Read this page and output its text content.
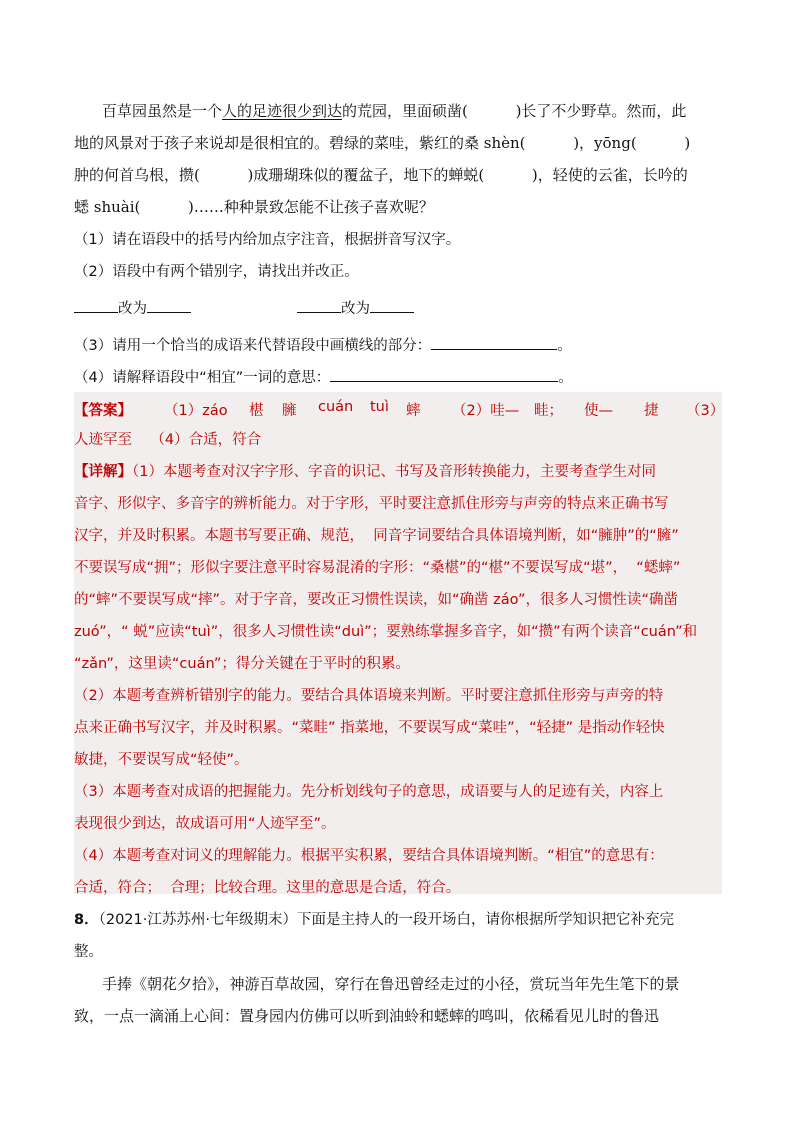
百草园虽然是一个人的足迹很少到达的荒园，里面硕凿(          )长了不少野草。然而，此
地的风景对于孩子来说却是很相宜的。碧绿的菜哇，紫红的桑 shèn(          )，yōng(          )
肿的何首乌根，攒(          )成珊瑚珠似的覆盆子，地下的蝉蜕(          )，轻使的云雀，长吟的
蟋 shuài(          )……种种景致怎能不让孩子喜欢呢？
（1）请在语段中的括号内给加点字注音，根据拼音写汉字。
（2）语段中有两个错别字，请找出并改正。
改为	改为
（3）请用一个恰当的成语来代替语段中画横线的部分：	。
（4）请解释语段中“相宜”一词的意思：	。
【答案】 （1）záo 椹 臃 cuán tuì 蟀 （2）哇— 畦； 使— 捷 （3）
人迹罕至    （4）合适，符合
【详解】（1）本题考查对汉字字形、字音的识记、书写及音形转换能力，主要考查学生对同
音字、形似字、多音字的辨析能力。对于字形，平时要注意抓住形旁与声旁的特点来正确书写
汉字，并及时积累。本题书写要正确、规范，  同音字词要结合具体语境判断，如“臃肿”的“臃”
不要误写成“拥”；形似字要注意平时容易混淆的字形：“桑椹”的“椹”不要误写成“堪”，  “蟋蟀”
的“蟀”不要误写成“摔”。对于字音，要改正习惯性误读，如“确凿 záo”，很多人习惯性读“确凿
zuó”，“ 蜕”应读“tuì”，很多人习惯性读“duì”；要熟练掌握多音字，如“攒”有两个读音“cuán”和
“zǎn”，这里读“cuán”；得分关键在于平时的积累。
（2）本题考查辨析错别字的能力。要结合具体语境来判断。平时要注意抓住形旁与声旁的特
点来正确书写汉字，并及时积累。“菜畦” 指菜地，不要误写成“菜哇”，“轻捷” 是指动作轻快
敏捷，不要误写成“轻使”。
（3）本题考查对成语的把握能力。先分析划线句子的意思，成语要与人的足迹有关，内容上
表现很少到达，故成语可用“人迹罕至”。
（4）本题考查对词义的理解能力。根据平实积累，要结合具体语境判断。“相宜”的意思有：
合适，符合；  合理；比较合理。这里的意思是合适，符合。
8．（2021·江苏苏州·七年级期末）下面是主持人的一段开场白，请你根据所学知识把它补充完
整。
手捧《朝花夕拾》，神游百草故园，穿行在鲁迅曾经走过的小径，赏玩当年先生笔下的景
致，一点一滴涌上心间：置身园内仿佛可以听到油蛉和蟋蟀的鸣叫，依稀看见儿时的鲁迅
